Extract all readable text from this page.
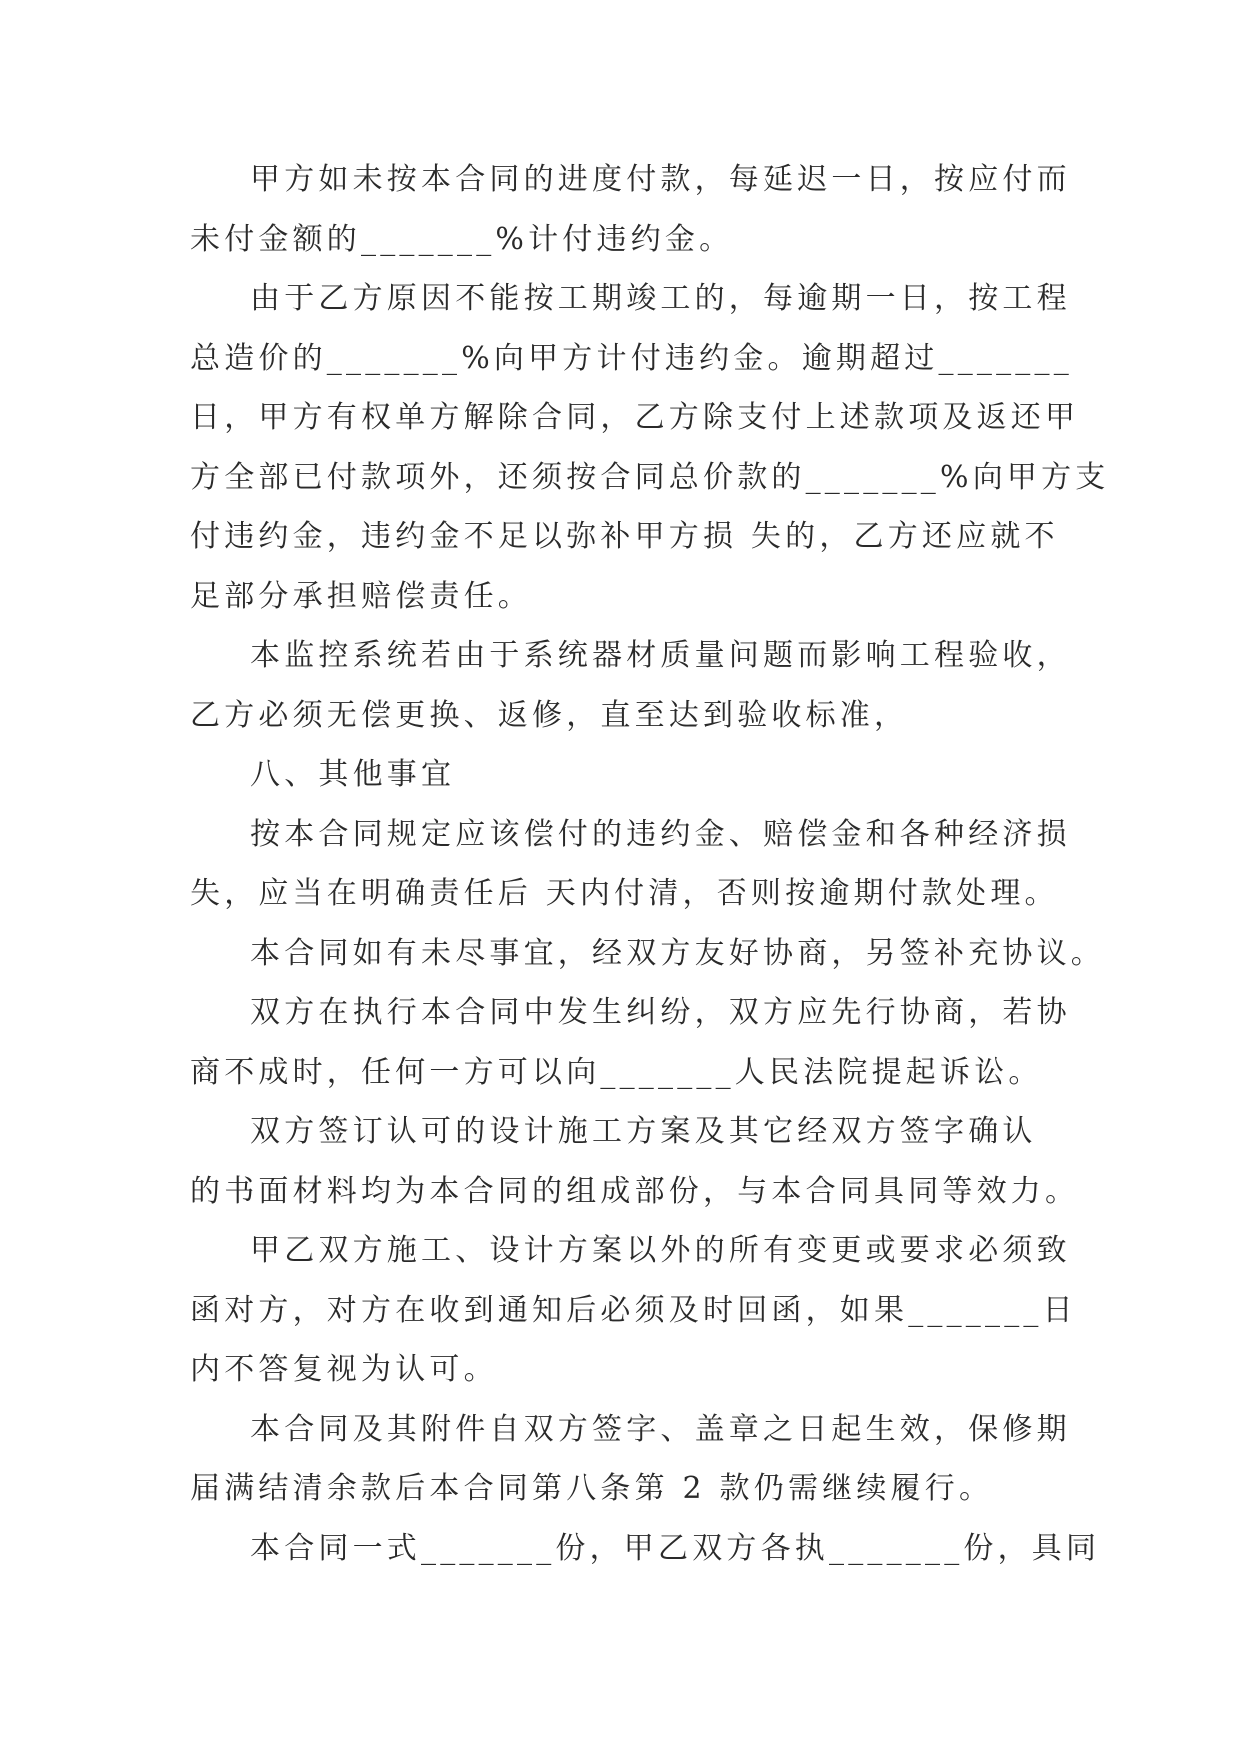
甲方如未按本合同的进度付款，每延迟一日，按应付而
未付金额的_______%计付违约金。
由于乙方原因不能按工期竣工的，每逾期一日，按工程
总造价的_______%向甲方计付违约金。逾期超过_______
日，甲方有权单方解除合同，乙方除支付上述款项及返还甲
方全部已付款项外，还须按合同总价款的_______%向甲方支
付违约金，违约金不足以弥补甲方损 失的，乙方还应就不
足部分承担赔偿责任。
本监控系统若由于系统器材质量问题而影响工程验收，
乙方必须无偿更换、返修，直至达到验收标准，
八、其他事宜
按本合同规定应该偿付的违约金、赔偿金和各种经济损
失，应当在明确责任后 天内付清，否则按逾期付款处理。
本合同如有未尽事宜，经双方友好协商，另签补充协议。
双方在执行本合同中发生纠纷，双方应先行协商，若协
商不成时，任何一方可以向_______人民法院提起诉讼。
双方签订认可的设计施工方案及其它经双方签字确认
的书面材料均为本合同的组成部份，与本合同具同等效力。
甲乙双方施工、设计方案以外的所有变更或要求必须致
函对方，对方在收到通知后必须及时回函，如果_______日
内不答复视为认可。
本合同及其附件自双方签字、盖章之日起生效，保修期
届满结清余款后本合同第八条第 2 款仍需继续履行。
本合同一式_______份，甲乙双方各执_______份，具同
